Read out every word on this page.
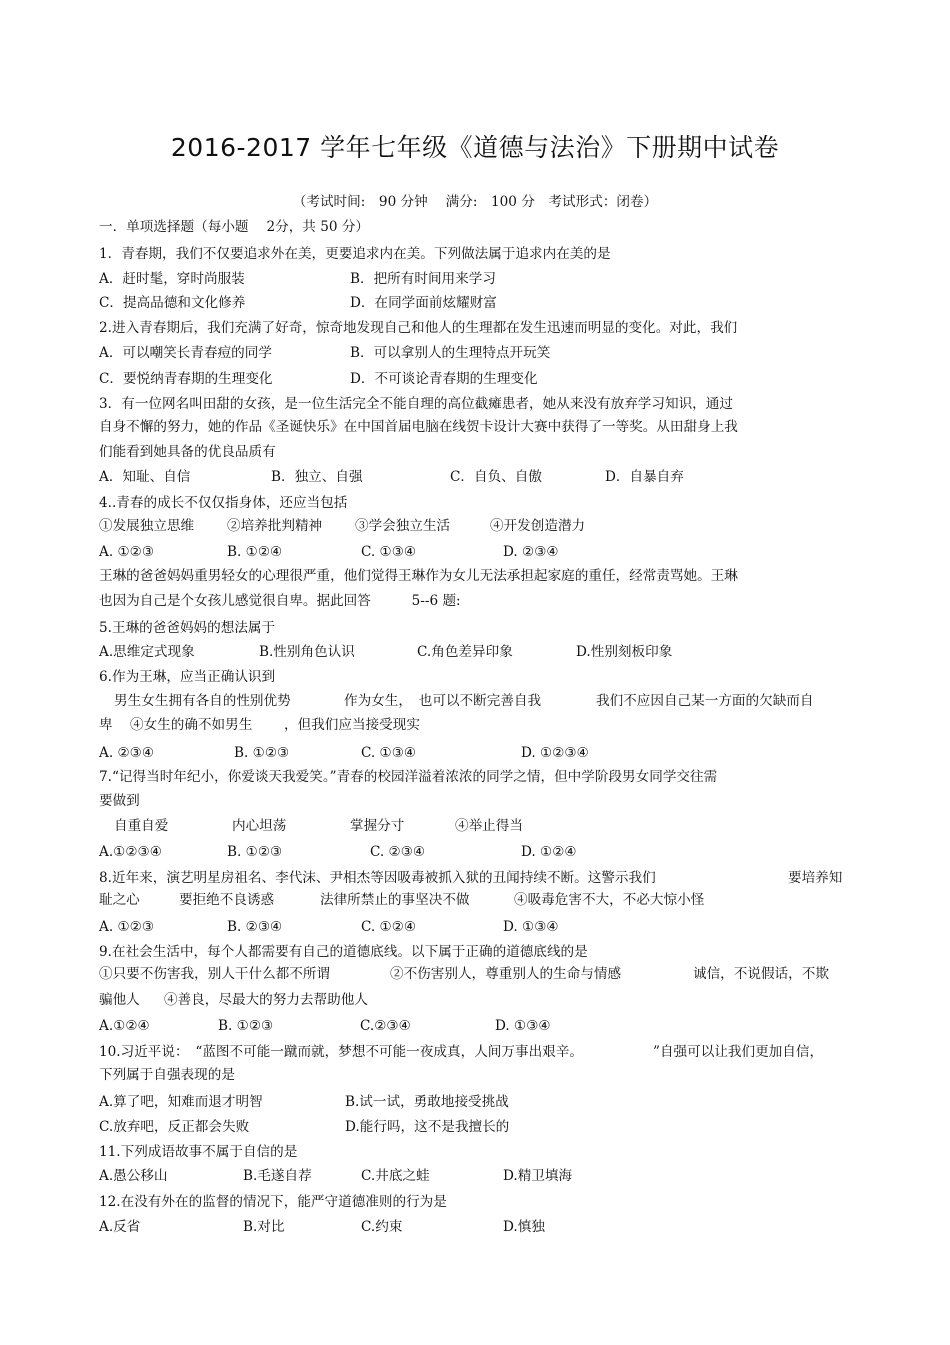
2016-2017 学年七年级《道德与法治》下册期中试卷
（考试时间:　90 分钟　 满分:　100 分　考试形式：闭卷）
一．单项选择题（每小题　 2分，共 50 分）
1．青春期，我们不仅要追求外在美，更要追求内在美。下列做法属于追求内在美的是
A．赶时髦，穿时尚服装	B．把所有时间用来学习
C．提高品德和文化修养	D．在同学面前炫耀财富
2.进入青春期后，我们充满了好奇，惊奇地发现自己和他人的生理都在发生迅速而明显的变化。对此，我们
A．可以嘲笑长青春痘的同学	B．可以拿别人的生理特点开玩笑
C．要悦纳青春期的生理变化	D．不可谈论青春期的生理变化
3．有一位网名叫田甜的女孩，是一位生活完全不能自理的高位截瘫患者，她从来没有放弃学习知识，通过
自身不懈的努力，她的作品《圣诞快乐》在中国首届电脑在线贺卡设计大赛中获得了一等奖。从田甜身上我
们能看到她具备的优良品质有
A．知耻、自信	B．独立、自强	C．自负、自傲	D．自暴自弃
4..青春的成长不仅仅指身体，还应当包括
①发展独立思维 ②培养批判精神 ③学会独立生活	④开发创造潜力
A. ①②③	B. ①②④	C. ①③④	D. ②③④
王琳的爸爸妈妈重男轻女的心理很严重，他们觉得王琳作为女儿无法承担起家庭的重任，经常责骂她。王琳
也因为自己是个女孩儿感觉很自卑。据此回答　　　5--6 题:
5.王琳的爸爸妈妈的想法属于
A.思维定式现象	B.性别角色认识	C.角色差异印象	D.性别刻板印象
6.作为王琳，应当正确认识到
男生女生拥有各自的性别优势	作为女生，　也可以不断完善自我	我们不应因自己某一方面的欠缺而自
卑 ④女生的确不如男生 ，但我们应当接受现实
A. ②③④	B. ①②③	C. ①③④	D. ①②③④
7.“记得当时年纪小，你爱谈天我爱笑。”青春的校园洋溢着浓浓的同学之情，但中学阶段男女同学交往需
要做到
自重自爱	内心坦荡	掌握分寸	④举止得当
A.①②③④	B. ①②③	C. ②③④	D. ①②④
8.近年来，演艺明星房祖名、李代沫、尹相杰等因吸毒被抓入狱的丑闻持续不断。这警示我们	要培养知
耻之心	要拒绝不良诱惑	法律所禁止的事坚决不做	④吸毒危害不大，不必大惊小怪
A. ①②③	B. ②③④	C. ①②④	D. ①③④
9.在社会生活中，每个人都需要有自己的道德底线。以下属于正确的道德底线的是
①只要不伤害我，别人干什么都不所谓	②不伤害别人，尊重别人的生命与情感	诚信，不说假话，不欺
骗他人 ④善良，尽最大的努力去帮助他人
A.①②④	B. ①②③	C.②③④	D. ①③④
10.习近平说：　“蓝图不可能一蹴而就，梦想不可能一夜成真，人间万事出艰辛。	”自强可以让我们更加自信，
下列属于自强表现的是
A.算了吧，知难而退才明智	B.试一试，勇敢地接受挑战
C.放弃吧，反正都会失败	D.能行吗，这不是我擅长的
11.下列成语故事不属于自信的是
A.愚公移山	B.毛遂自荐	C.井底之蛙	D.精卫填海
12.在没有外在的监督的情况下，能严守道德准则的行为是
A.反省	B.对比	C.约束	D.慎独
